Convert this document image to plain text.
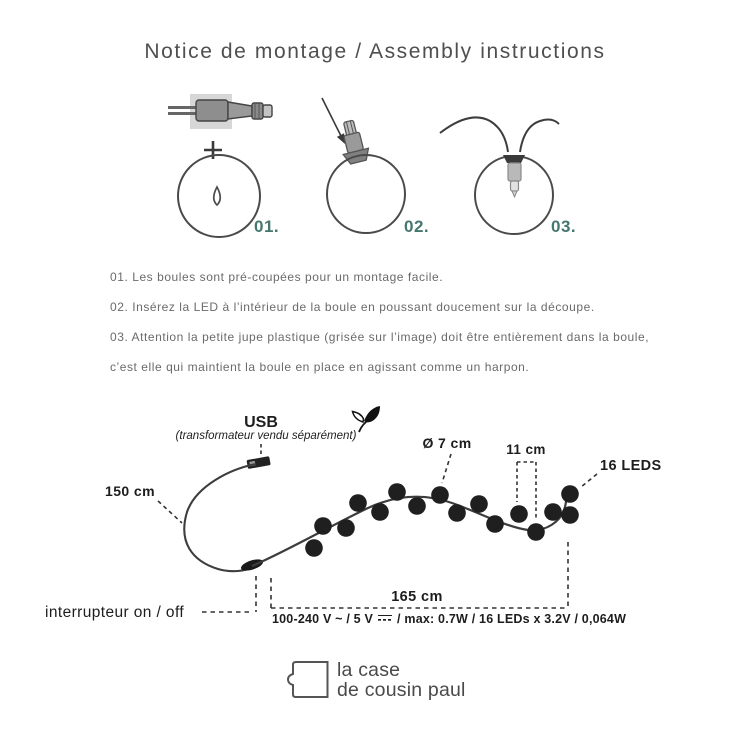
Notice de montage / Assembly instructions
01.	02.	03.

01. Les boules sont pré-coupées pour un montage facile.

02. Insérez la LED à l’intérieur de la boule en poussant doucement sur la découpe.

03. Attention la petite jupe plastique (grisée sur l’image) doit être entièrement dans la boule, c’est elle qui maintient la boule en place en agissant comme un harpon.

USB
(transformateur vendu séparément)
150 cm
Ø 7 cm	11 cm
16 LEDS
165 cm
interrupteur on / off	100-240 V ~ / 5 V / max: 0.7W / 16 LEDs x 3.2V / 0,064W
la case
de cousin paul
